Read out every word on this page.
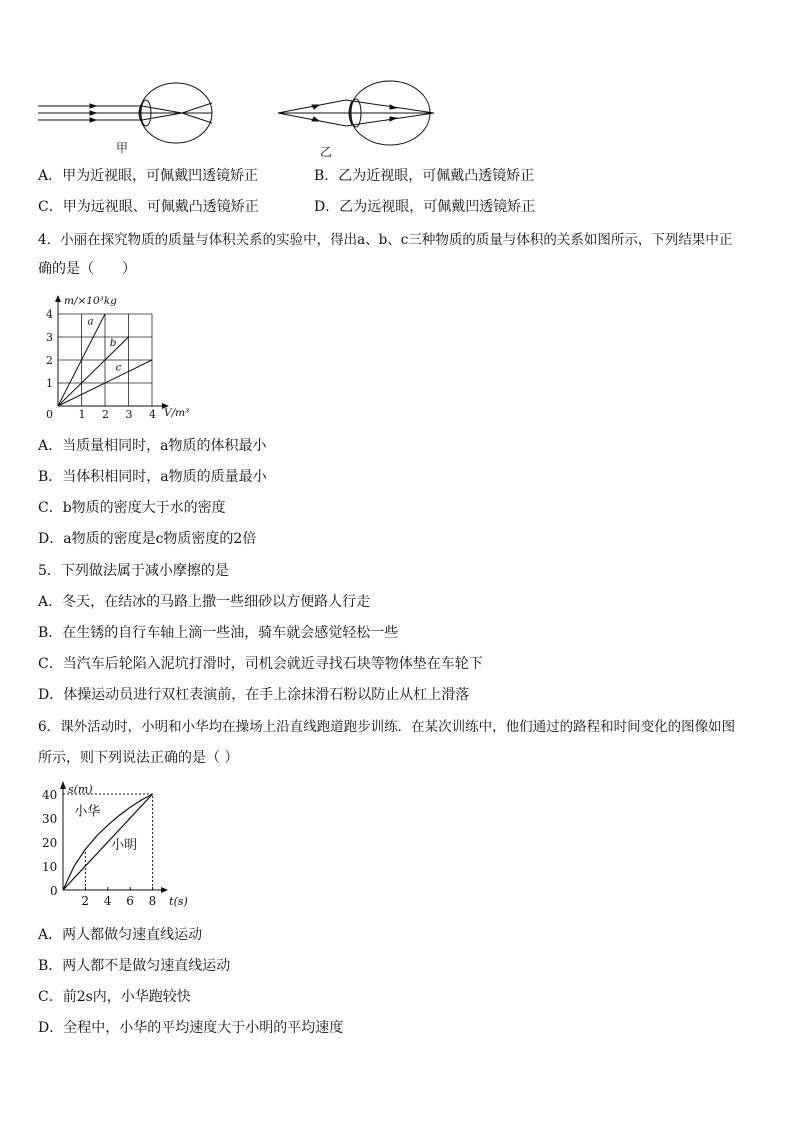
甲	乙
A．甲为近视眼，可佩戴凹透镜矫正	B．乙为近视眼，可佩戴凸透镜矫正
C．甲为远视眼、可佩戴凸透镜矫正	D．乙为远视眼，可佩戴凹透镜矫正
4．小丽在探究物质的质量与体积关系的实验中，得出a、b、c三种物质的质量与体积的关系如图所示，下列结果中正
确的是（　　）
m/×10³kg
V/m³
1
2
3
4
0 1 2 3 4
a
b
c
A．当质量相同时，a物质的体积最小
B．当体积相同时，a物质的质量最小
C．b物质的密度大于水的密度
D．a物质的密度是c物质密度的2倍
5．下列做法属于减小摩擦的是
A．冬天，在结冰的马路上撒一些细砂以方便路人行走
B．在生锈的自行车轴上滴一些油，骑车就会感觉轻松一些
C．当汽车后轮陷入泥坑打滑时，司机会就近寻找石块等物体垫在车轮下
D．体操运动员进行双杠表演前，在手上涂抹滑石粉以防止从杠上滑落
6．课外活动时，小明和小华均在操场上沿直线跑道跑步训练．在某次训练中，他们通过的路程和时间变化的图像如图
所示，则下列说法正确的是（ ）
2 4 6 8
0
10
20
30
40 s(m)
t(s)
小华
小明
A．两人都做匀速直线运动
B．两人都不是做匀速直线运动
C．前2s内，小华跑较快
D．全程中，小华的平均速度大于小明的平均速度
